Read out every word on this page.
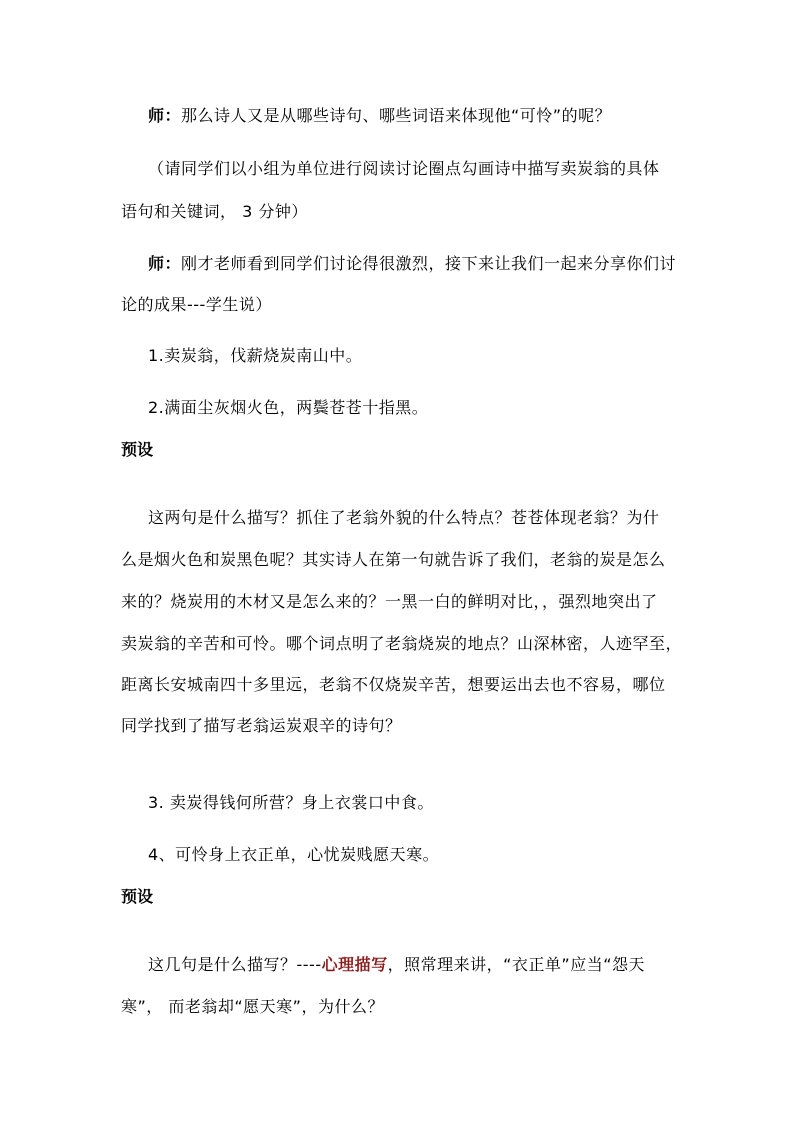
师：那么诗人又是从哪些诗句、哪些词语来体现他“可怜”的呢？
（请同学们以小组为单位进行阅读讨论圈点勾画诗中描写卖炭翁的具体
语句和关键词， 3 分钟）
师：刚才老师看到同学们讨论得很激烈，接下来让我们一起来分享你们讨
论的成果---学生说）
1.卖炭翁，伐薪烧炭南山中。
2.满面尘灰烟火色，两鬓苍苍十指黑。
预设
这两句是什么描写？抓住了老翁外貌的什么特点？苍苍体现老翁？为什
么是烟火色和炭黑色呢？其实诗人在第一句就告诉了我们，老翁的炭是怎么
来的？烧炭用的木材又是怎么来的？一黑一白的鲜明对比，，强烈地突出了
卖炭翁的辛苦和可怜。哪个词点明了老翁烧炭的地点？山深林密，人迹罕至，
距离长安城南四十多里远，老翁不仅烧炭辛苦，想要运出去也不容易，哪位
同学找到了描写老翁运炭艰辛的诗句？
3. 卖炭得钱何所营？身上衣裳口中食。
4、可怜身上衣正单，心忧炭贱愿天寒。
预设
这几句是什么描写？----心理描写，照常理来讲，“衣正单”应当“怨天
寒”， 而老翁却“愿天寒”，为什么？
